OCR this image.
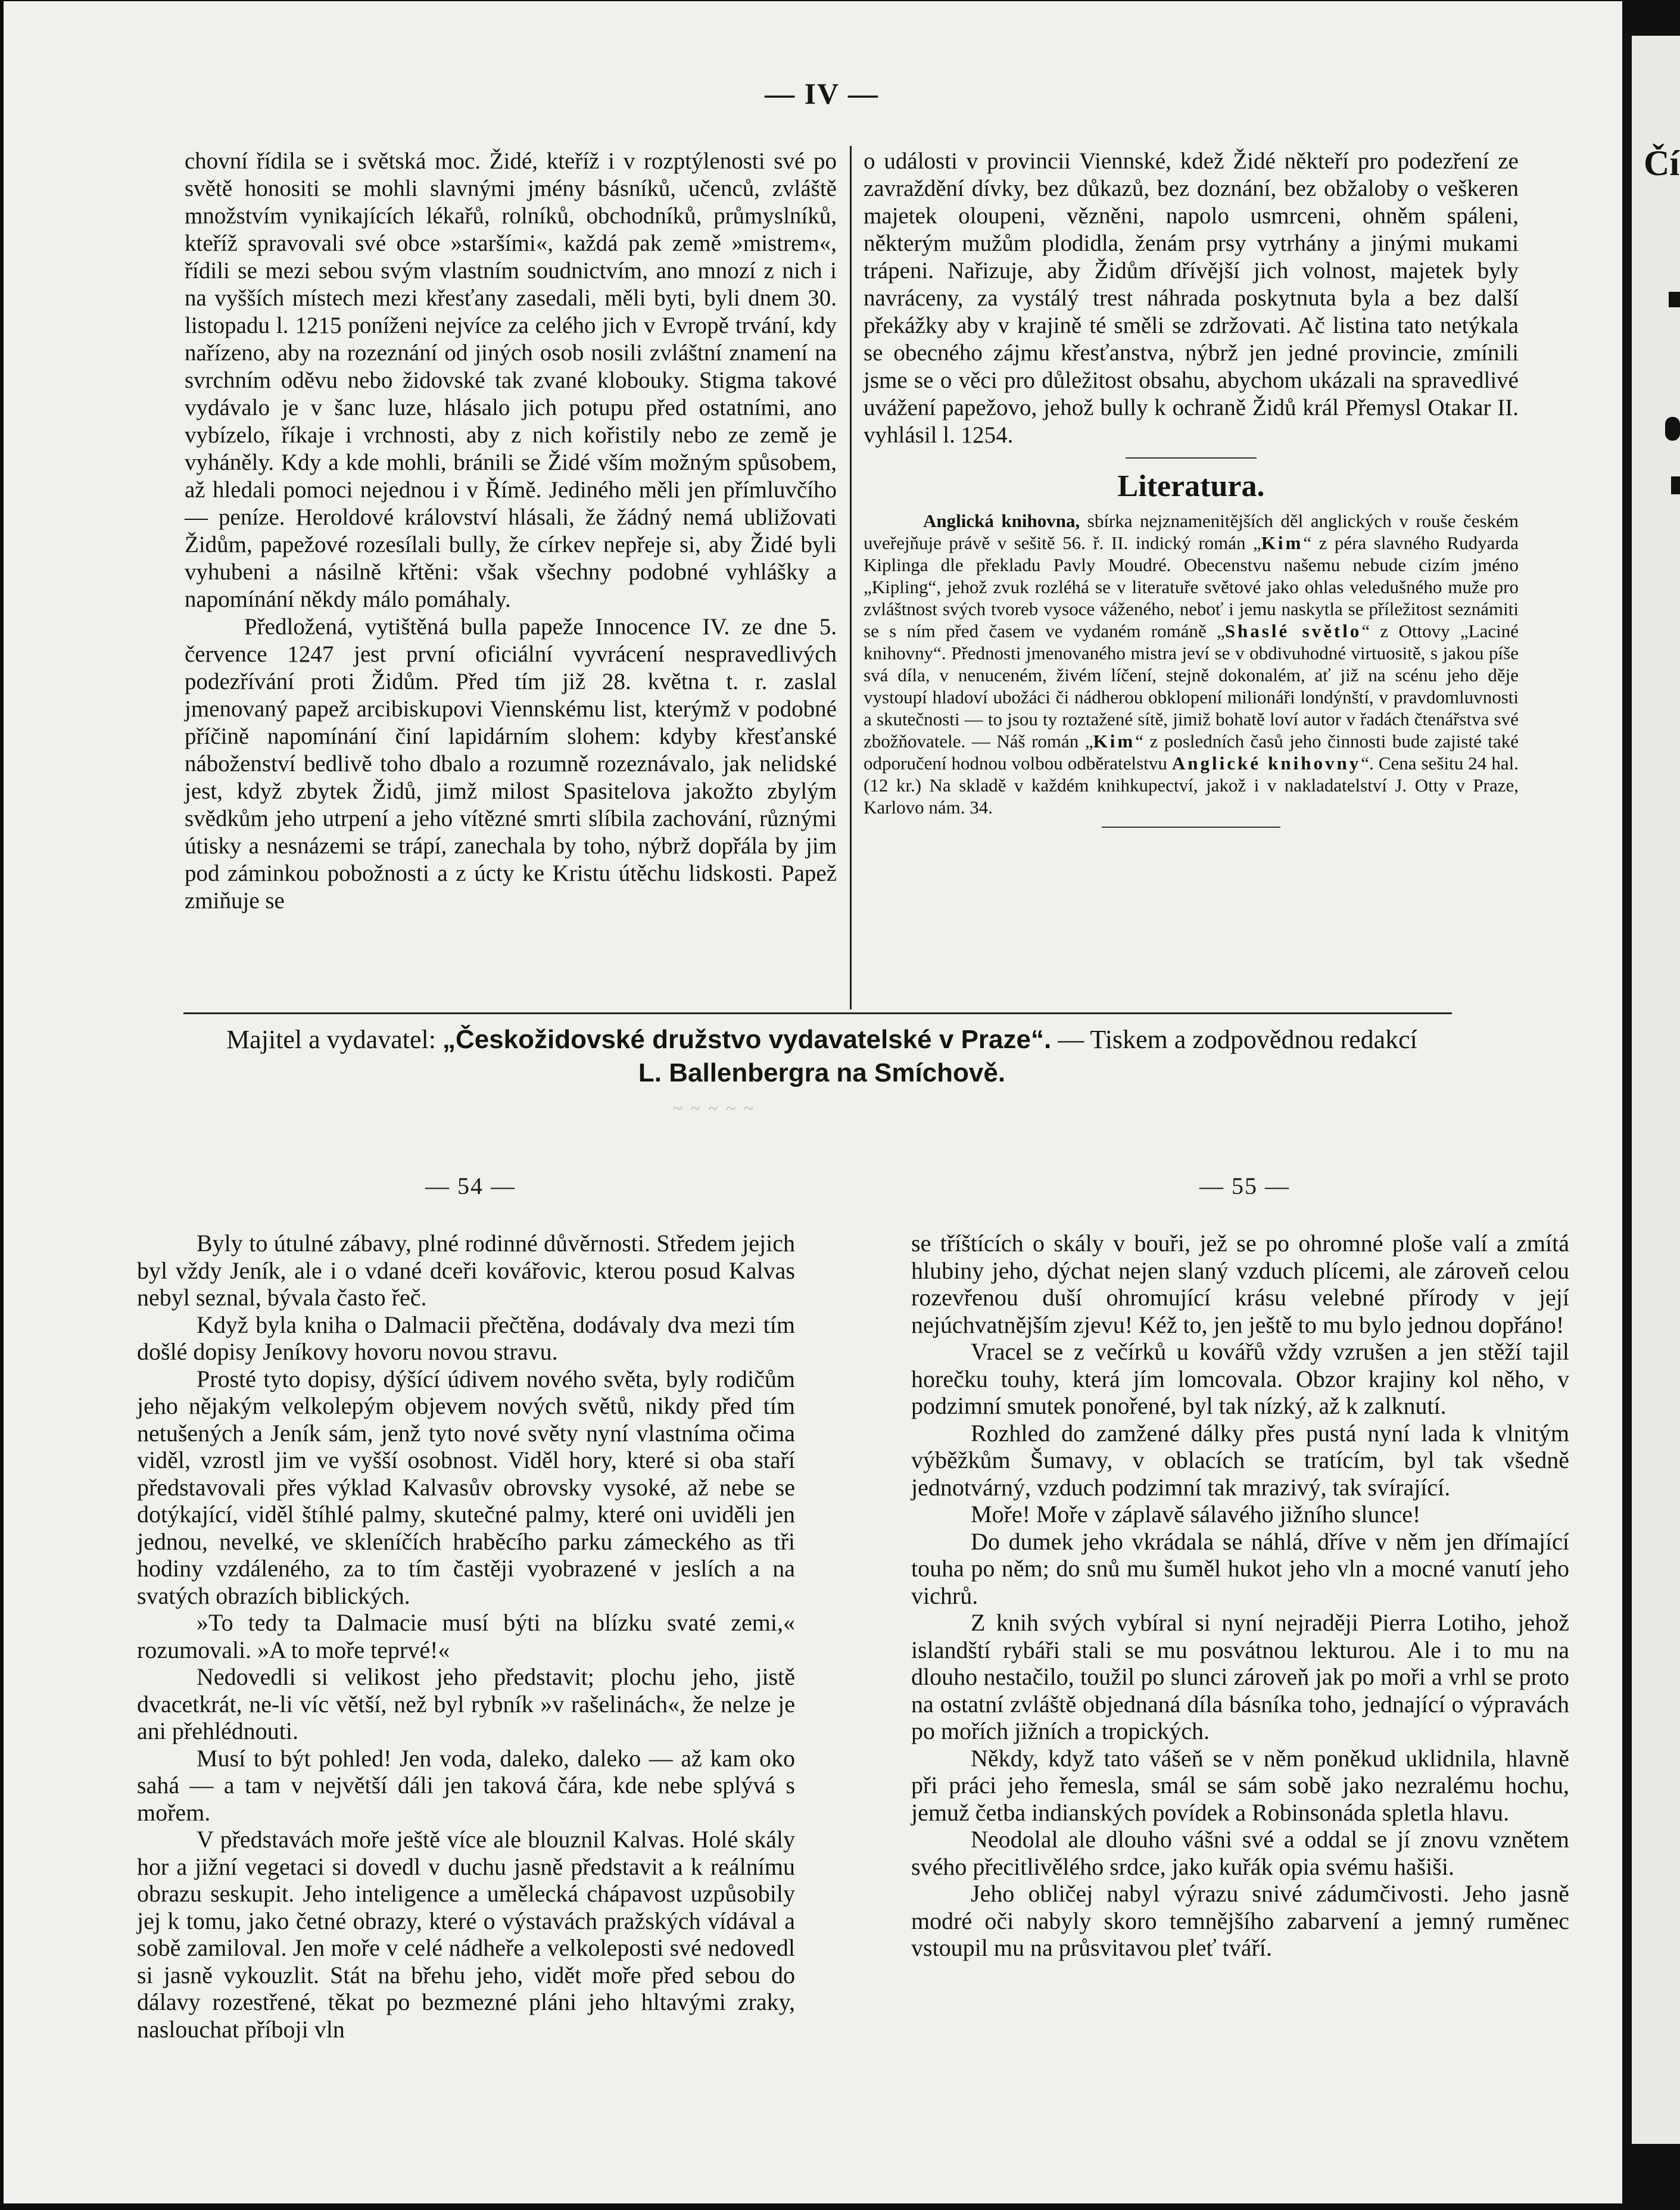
Čí
— IV —

chovní řídila se i světská moc. Židé, kteříž i v rozptýlenosti své po světě honositi se mohli slavnými jmény básníků, učenců, zvláště množstvím vynikajících lékařů, rolníků, obchodníků, průmyslníků, kteříž spravovali své obce »staršími«, každá pak země »mistrem«, řídili se mezi sebou svým vlastním soudnictvím, ano mnozí z nich i na vyšších místech mezi křesťany zasedali, měli byti, byli dnem 30. listopadu l. 1215 poníženi nejvíce za celého jich v Evropě trvání, kdy nařízeno, aby na rozeznání od jiných osob nosili zvláštní znamení na svrchním oděvu nebo židovské tak zvané klobouky. Stigma takové vydávalo je v šanc luze, hlásalo jich potupu před ostatními, ano vybízelo, říkaje i vrchnosti, aby z nich kořistily nebo ze země je vyháněly. Kdy a kde mohli, bránili se Židé vším možným spůsobem, až hledali pomoci nejednou i v Římě. Jediného měli jen přímluvčího — peníze. Heroldové království hlásali, že žádný nemá ubližovati Židům, papežové rozesílali bully, že církev nepřeje si, aby Židé byli vyhubeni a násilně křtěni: však všechny podobné vyhlášky a napomínání někdy málo pomáhaly.

Předložená, vytištěná bulla papeže Innocence IV. ze dne 5. července 1247 jest první oficiální vyvrácení nespravedlivých podezřívání proti Židům. Před tím již 28. května t. r. zaslal jmenovaný papež arcibiskupovi Viennskému list, kterýmž v podobné příčině napomínání činí lapidárním slohem: kdyby křesťanské náboženství bedlivě toho dbalo a rozumně rozeznávalo, jak nelidské jest, když zbytek Židů, jimž milost Spasitelova jakožto zbylým svědkům jeho utrpení a jeho vítězné smrti slíbila zachování, různými útisky a nesnázemi se trápí, zanechala by toho, nýbrž dopřála by jim pod záminkou pobožnosti a z úcty ke Kristu útěchu lidskosti. Papež zmiňuje se

o události v provincii Viennské, kdež Židé někteří pro podezření ze zavraždění dívky, bez důkazů, bez doznání, bez obžaloby o veškeren majetek oloupeni, vězněni, napolo usmrceni, ohněm spáleni, některým mužům plodidla, ženám prsy vytrhány a jinými mukami trápeni. Nařizuje, aby Židům dřívější jich volnost, majetek byly navráceny, za vystálý trest náhrada poskytnuta byla a bez další překážky aby v krajině té směli se zdržovati. Ač listina tato netýkala se obecného zájmu křesťanstva, nýbrž jen jedné provincie, zmínili jsme se o věci pro důležitost obsahu, abychom ukázali na spravedlivé uvážení papežovo, jehož bully k ochraně Židů král Přemysl Otakar II. vyhlásil l. 1254.

Literatura.

Anglická knihovna, sbírka nejznamenitějších děl anglických v rouše českém uveřejňuje právě v sešitě 56. ř. II. indický román „Kim“ z péra slavného Rudyarda Kiplinga dle překladu Pavly Moudré. Obecenstvu našemu nebude cizím jméno „Kipling“, jehož zvuk rozléhá se v literatuře světové jako ohlas veledušného muže pro zvláštnost svých tvoreb vysoce váženého, neboť i jemu naskytla se příležitost seznámiti se s ním před časem ve vydaném románě „Shaslé světlo“ z Ottovy „Laciné knihovny“. Přednosti jmenovaného mistra jeví se v obdivuhodné virtuositě, s jakou píše svá díla, v nenuceném, živém líčení, stejně dokonalém, ať již na scénu jeho děje vystoupí hladoví ubožáci či nádherou obklopení milionáři londýnští, v pravdomluvnosti a skutečnosti — to jsou ty roztažené sítě, jimiž bohatě loví autor v řadách čtenářstva své zbožňovatele. — Náš román „Kim“ z posledních časů jeho činnosti bude zajisté také odporučení hodnou volbou odběratelstvu Anglické knihovny“. Cena sešitu 24 hal. (12 kr.) Na skladě v každém knihkupectví, jakož i v nakladatelství J. Otty v Praze, Karlovo nám. 34.

Majitel a vydavatel: „Českožidovské družstvo vydavatelské v Praze“. — Tiskem a zodpovědnou redakcí
L. Ballenbergra na Smíchově.
~ ~ ~ ~ ~
— 54 —	— 55 —

Byly to útulné zábavy, plné rodinné důvěrnosti. Středem jejich byl vždy Jeník, ale i o vdané dceři kovářovic, kterou posud Kalvas nebyl seznal, bývala často řeč.

Když byla kniha o Dalmacii přečtěna, dodávaly dva mezi tím došlé dopisy Jeníkovy hovoru novou stravu.

Prosté tyto dopisy, dýšící údivem nového světa, byly rodičům jeho nějakým velkolepým objevem nových světů, nikdy před tím netušených a Jeník sám, jenž tyto nové světy nyní vlastníma očima viděl, vzrostl jim ve vyšší osobnost. Viděl hory, které si oba staří představovali přes výklad Kalvasův obrovsky vysoké, až nebe se dotýkající, viděl štíhlé palmy, skutečné palmy, které oni uviděli jen jednou, nevelké, ve skleníčích hraběcího parku zámeckého as tři hodiny vzdáleného, za to tím častěji vyobrazené v jeslích a na svatých obrazích biblických.

»To tedy ta Dalmacie musí býti na blízku svaté zemi,« rozumovali. »A to moře teprvé!«

Nedovedli si velikost jeho představit; plochu jeho, jistě dvacetkrát, ne-li víc větší, než byl rybník »v rašelinách«, že nelze je ani přehlédnouti.

Musí to být pohled! Jen voda, daleko, daleko — až kam oko sahá — a tam v největší dáli jen taková čára, kde nebe splývá s mořem.

V představách moře ještě více ale blouznil Kalvas. Holé skály hor a jižní vegetaci si dovedl v duchu jasně představit a k reálnímu obrazu seskupit. Jeho inteligence a umělecká chápavost uzpůsobily jej k tomu, jako četné obrazy, které o výstavách pražských vídával a sobě zamiloval. Jen moře v celé nádheře a velkoleposti své nedovedl si jasně vykouzlit. Stát na břehu jeho, vidět moře před sebou do dálavy rozestřené, těkat po bezmezné pláni jeho hltavými zraky, naslouchat příboji vln

se tříštících o skály v bouři, jež se po ohromné ploše valí a zmítá hlubiny jeho, dýchat nejen slaný vzduch plícemi, ale zároveň celou rozevřenou duší ohromující krásu velebné přírody v její nejúchvatnějším zjevu! Kéž to, jen ještě to mu bylo jednou dopřáno!

Vracel se z večírků u kovářů vždy vzrušen a jen stěží tajil horečku touhy, která jím lomcovala. Obzor krajiny kol něho, v podzimní smutek ponořené, byl tak nízký, až k zalknutí.

Rozhled do zamžené dálky přes pustá nyní lada k vlnitým výběžkům Šumavy, v oblacích se tratícím, byl tak všedně jednotvárný, vzduch podzimní tak mrazivý, tak svírající.

Moře! Moře v záplavě sálavého jižního slunce!

Do dumek jeho vkrádala se náhlá, dříve v něm jen dřímající touha po něm; do snů mu šuměl hukot jeho vln a mocné vanutí jeho vichrů.

Z knih svých vybíral si nyní nejraději Pierra Lotiho, jehož islandští rybáři stali se mu posvátnou lekturou. Ale i to mu na dlouho nestačilo, toužil po slunci zároveň jak po moři a vrhl se proto na ostatní zvláště objednaná díla básníka toho, jednající o výpravách po mořích jižních a tropických.

Někdy, když tato vášeň se v něm poněkud uklidnila, hlavně při práci jeho řemesla, smál se sám sobě jako nezralému hochu, jemuž četba indianských povídek a Robinsonáda spletla hlavu.

Neodolal ale dlouho vášni své a oddal se jí znovu vznětem svého přecitlivělého srdce, jako kuřák opia svému hašiši.

Jeho obličej nabyl výrazu snivé zádumčivosti. Jeho jasně modré oči nabyly skoro temnějšího zabarvení a jemný ruměnec vstoupil mu na průsvitavou pleť tváří.
